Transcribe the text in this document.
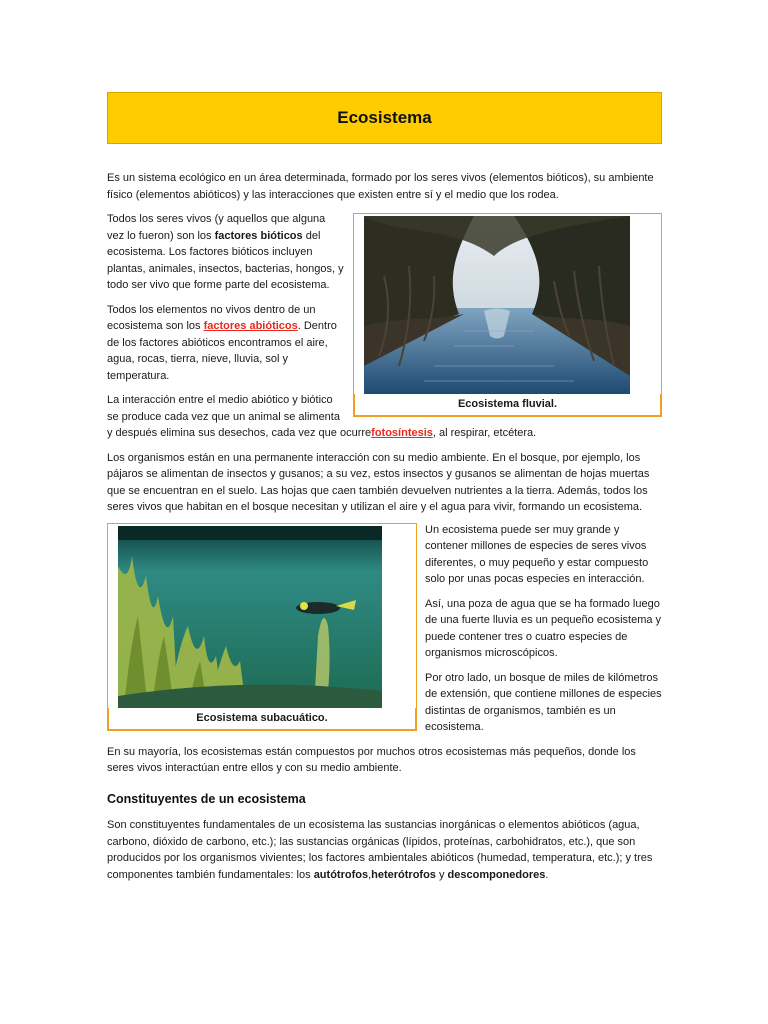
Ecosistema

Es un sistema ecológico en un área determinada, formado por los seres vivos (elementos bióticos), su ambiente físico (elementos abióticos) y las interacciones que existen entre sí y el medio que los rodea.

Ecosistema fluvial.

Todos los seres vivos (y aquellos que alguna vez lo fueron) son los factores bióticos del ecosistema. Los factores bióticos incluyen plantas, animales, insectos, bacterias, hongos, y todo ser vivo que forme parte del ecosistema.

Todos los elementos no vivos dentro de un ecosistema son los factores abióticos. Dentro de los factores abióticos encontramos el aire, agua, rocas, tierra, nieve, lluvia, sol y temperatura.

La interacción entre el medio abiótico y biótico se produce cada vez que un animal se alimenta y después elimina sus desechos, cada vez que ocurrefotosíntesis, al respirar, etcétera.

Los organismos están en una permanente interacción con su medio ambiente. En el bosque, por ejemplo, los pájaros se alimentan de insectos y gusanos; a su vez, estos insectos y gusanos se alimentan de hojas muertas que se encuentran en el suelo. Las hojas que caen también devuelven nutrientes a la tierra. Además, todos los seres vivos que habitan en el bosque necesitan y utilizan el aire y el agua para vivir, formando un ecosistema.

Ecosistema subacuático.

Un ecosistema puede ser muy grande y contener millones de especies de seres vivos diferentes, o muy pequeño y estar compuesto solo por unas pocas especies en interacción.

Así, una poza de agua que se ha formado luego de una fuerte lluvia es un pequeño ecosistema y puede contener tres o cuatro especies de organismos microscópicos.

Por otro lado, un bosque de miles de kilómetros de extensión, que contiene millones de especies distintas de organismos, también es un ecosistema.

En su mayoría, los ecosistemas están compuestos por muchos otros ecosistemas más pequeños, donde los seres vivos interactúan entre ellos y con su medio ambiente.

Constituyentes de un ecosistema

Son constituyentes fundamentales de un ecosistema las sustancias inorgánicas o elementos abióticos (agua, carbono, dióxido de carbono, etc.); las sustancias orgánicas (lípidos, proteínas, carbohidratos, etc.), que son producidos por los organismos vivientes; los factores ambientales abióticos (humedad, temperatura, etc.); y tres componentes también fundamentales: los autótrofos,heterótrofos y descomponedores.
